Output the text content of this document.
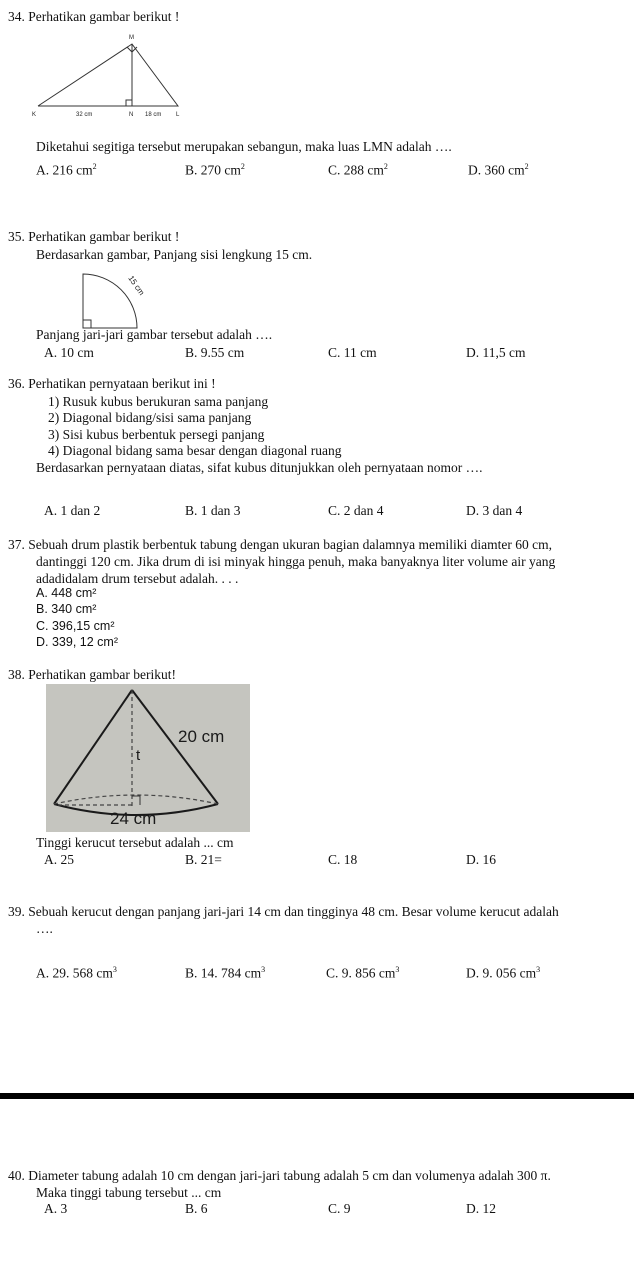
34. Perhatikan gambar berikut !
M
K	N	L
32 cm	18 cm
Diketahui segitiga tersebut merupakan sebangun, maka luas LMN adalah ….
A. 216 $cm^2$	B. 270 $cm^2$	C. 288 $cm^2$	D. 360 $cm^2$
35. Perhatikan gambar berikut !
Berdasarkan gambar, Panjang sisi lengkung 15 cm.
15 cm
Panjang jari-jari gambar tersebut adalah ….
A. 10 cm	B. 9.55 cm	C. 11 cm	D. 11,5 cm
36. Perhatikan pernyataan berikut ini !
1) Rusuk kubus berukuran sama panjang
2) Diagonal bidang/sisi sama panjang
3) Sisi kubus berbentuk persegi panjang
4) Diagonal bidang sama besar dengan diagonal ruang
Berdasarkan pernyataan diatas, sifat kubus ditunjukkan oleh pernyataan nomor ….
A. 1 dan 2	B. 1 dan 3	C. 2 dan 4	D. 3 dan 4
37. Sebuah drum plastik berbentuk tabung dengan ukuran bagian dalamnya memiliki diamter 60 cm,
dantinggi 120 cm. Jika drum di isi minyak hingga penuh, maka banyaknya liter volume air yang
adadidalam drum tersebut adalah. . . .
A. 448 cm²
B. 340 cm²
C. 396,15 cm²
D. 339, 12 cm²
38. Perhatikan gambar berikut!
20 cm
t
24 cm
Tinggi kerucut tersebut adalah ... cm
A. 25	B. 21=	C. 18	D. 16
39. Sebuah kerucut dengan panjang jari-jari 14 cm dan tingginya 48 cm. Besar volume kerucut adalah
….
A. 29. 568 $cm^3$	B. 14. 784 $cm^3$	C. 9. 856 $cm^3$	D. 9. 056 $cm^3$
40. Diameter tabung adalah 10 cm dengan jari-jari tabung adalah 5 cm dan volumenya adalah 300 π.
Maka tinggi tabung tersebut ... cm
A. 3	B. 6	C. 9	D. 12
